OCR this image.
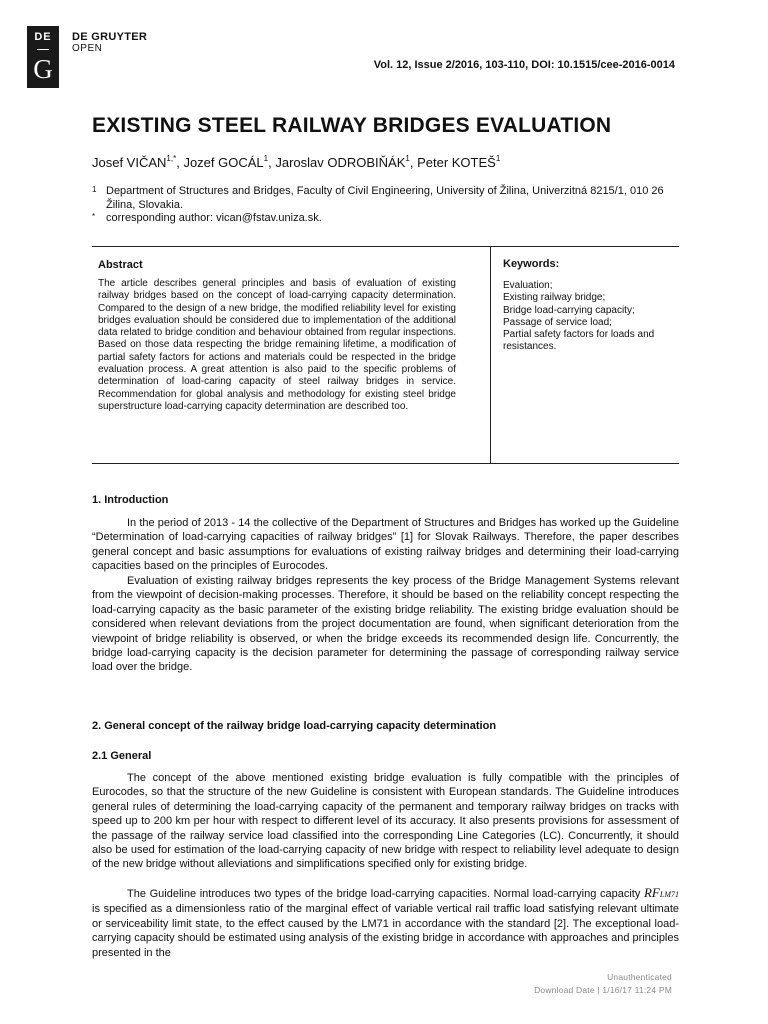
DE
G
DE GRUYTER
OPEN
Vol. 12, Issue 2/2016, 103-110, DOI: 10.1515/cee-2016-0014
EXISTING STEEL RAILWAY BRIDGES EVALUATION
Josef $VIČAN^{1,*}$, Jozef GOCÁL$^1$, Jaroslav ODROBIŇÁK$^1$, Peter KOTEŠ$^1$
1 Department of Structures and Bridges, Faculty of Civil Engineering, University of Žilina, Univerzitná 8215/1, 010 26 Žilina, Slovakia.
* corresponding author: vican@fstav.uniza.sk.
Abstract

The article describes general principles and basis of evaluation of existing railway bridges based on the concept of load-carrying capacity determination. Compared to the design of a new bridge, the modified reliability level for existing bridges evaluation should be considered due to implementation of the additional data related to bridge condition and behaviour obtained from regular inspections. Based on those data respecting the bridge remaining lifetime, a modification of partial safety factors for actions and materials could be respected in the bridge evaluation process. A great attention is also paid to the specific problems of determination of load-caring capacity of steel railway bridges in service. Recommendation for global analysis and methodology for existing steel bridge superstructure load-carrying capacity determination are described too.

Keywords:
Evaluation;
Existing railway bridge;
Bridge load-carrying capacity;
Passage of service load;
Partial safety factors for loads and resistances.
1. Introduction

In the period of 2013 - 14 the collective of the Department of Structures and Bridges has worked up the Guideline “Determination of load-carrying capacities of railway bridges” [1] for Slovak Railways. Therefore, the paper describes general concept and basic assumptions for evaluations of existing railway bridges and determining their load-carrying capacities based on the principles of Eurocodes.

Evaluation of existing railway bridges represents the key process of the Bridge Management Systems relevant from the viewpoint of decision-making processes. Therefore, it should be based on the reliability concept respecting the load-carrying capacity as the basic parameter of the existing bridge reliability. The existing bridge evaluation should be considered when relevant deviations from the project documentation are found, when significant deterioration from the viewpoint of bridge reliability is observed, or when the bridge exceeds its recommended design life. Concurrently, the bridge load-carrying capacity is the decision parameter for determining the passage of corresponding railway service load over the bridge.

2. General concept of the railway bridge load-carrying capacity determination
2.1 General

The concept of the above mentioned existing bridge evaluation is fully compatible with the principles of Eurocodes, so that the structure of the new Guideline is consistent with European standards. The Guideline introduces general rules of determining the load-carrying capacity of the permanent and temporary railway bridges on tracks with speed up to 200 km per hour with respect to different level of its accuracy. It also presents provisions for assessment of the passage of the railway service load classified into the corresponding Line Categories (LC). Concurrently, it should also be used for estimation of the load-carrying capacity of new bridge with respect to reliability level adequate to design of the new bridge without alleviations and simplifications specified only for existing bridge.

The Guideline introduces two types of the bridge load-carrying capacities. Normal load-carrying capacity RFLM71 is specified as a dimensionless ratio of the marginal effect of variable vertical rail traffic load satisfying relevant ultimate or serviceability limit state, to the effect caused by the LM71 in accordance with the standard [2]. The exceptional load-carrying capacity should be estimated using analysis of the existing bridge in accordance with approaches and principles presented in the

Unauthenticated
Download Date | 1/16/17 11:24 PM
